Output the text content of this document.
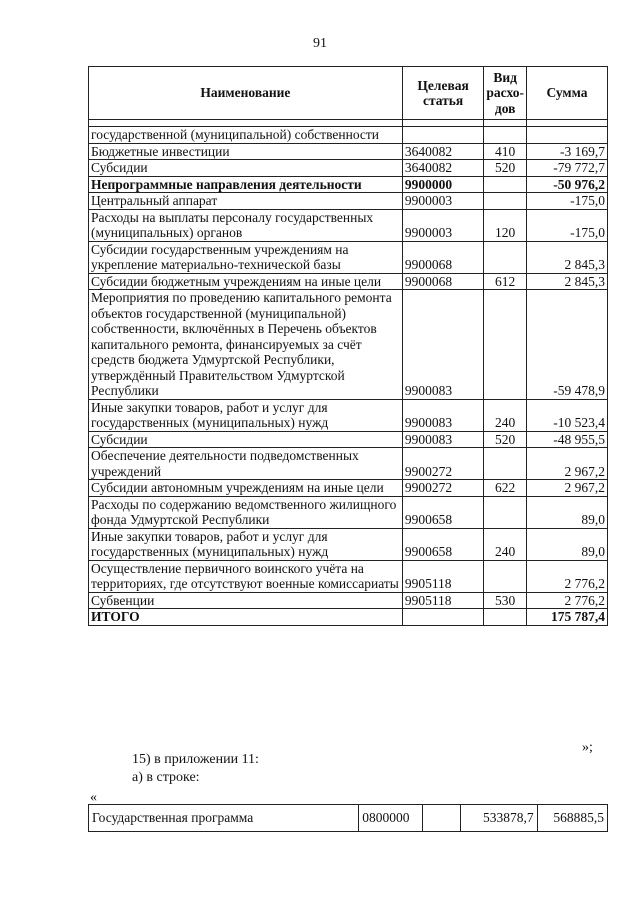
91
Наименование	Целевая статья	Вид расхо-дов	Сумма

государственной (муниципальной) собственности			
Бюджетные инвестиции	3640082	410	-3 169,7
Субсидии	3640082	520	-79 772,7
Непрограммные направления деятельности	9900000		-50 976,2
Центральный аппарат	9900003		-175,0
Расходы на выплаты персоналу государственных (муниципальных) органов	9900003	120	-175,0
Субсидии государственным учреждениям на укрепление материально-технической базы	9900068		2 845,3
Субсидии бюджетным учреждениям на иные цели	9900068	612	2 845,3
Мероприятия по проведению капитального ремонта объектов государственной (муниципальной) собственности, включённых в Перечень объектов капитального ремонта, финансируемых за счёт средств бюджета Удмуртской Республики, утверждённый Правительством Удмуртской Республики	9900083		-59 478,9
Иные закупки товаров, работ и услуг для государственных (муниципальных) нужд	9900083	240	-10 523,4
Субсидии	9900083	520	-48 955,5
Обеспечение деятельности подведомственных учреждений	9900272		2 967,2
Субсидии автономным учреждениям на иные цели	9900272	622	2 967,2
Расходы по содержанию ведомственного жилищного фонда Удмуртской Республики	9900658		89,0
Иные закупки товаров, работ и услуг для государственных (муниципальных) нужд	9900658	240	89,0
Осуществление первичного воинского учёта на территориях, где отсутствуют военные комиссариаты	9905118		2 776,2
Субвенции	9905118	530	2 776,2
ИТОГО			175 787,4
»;
15) в приложении 11:
а) в строке:
«
Государственная программа	0800000		533878,7	568885,5
